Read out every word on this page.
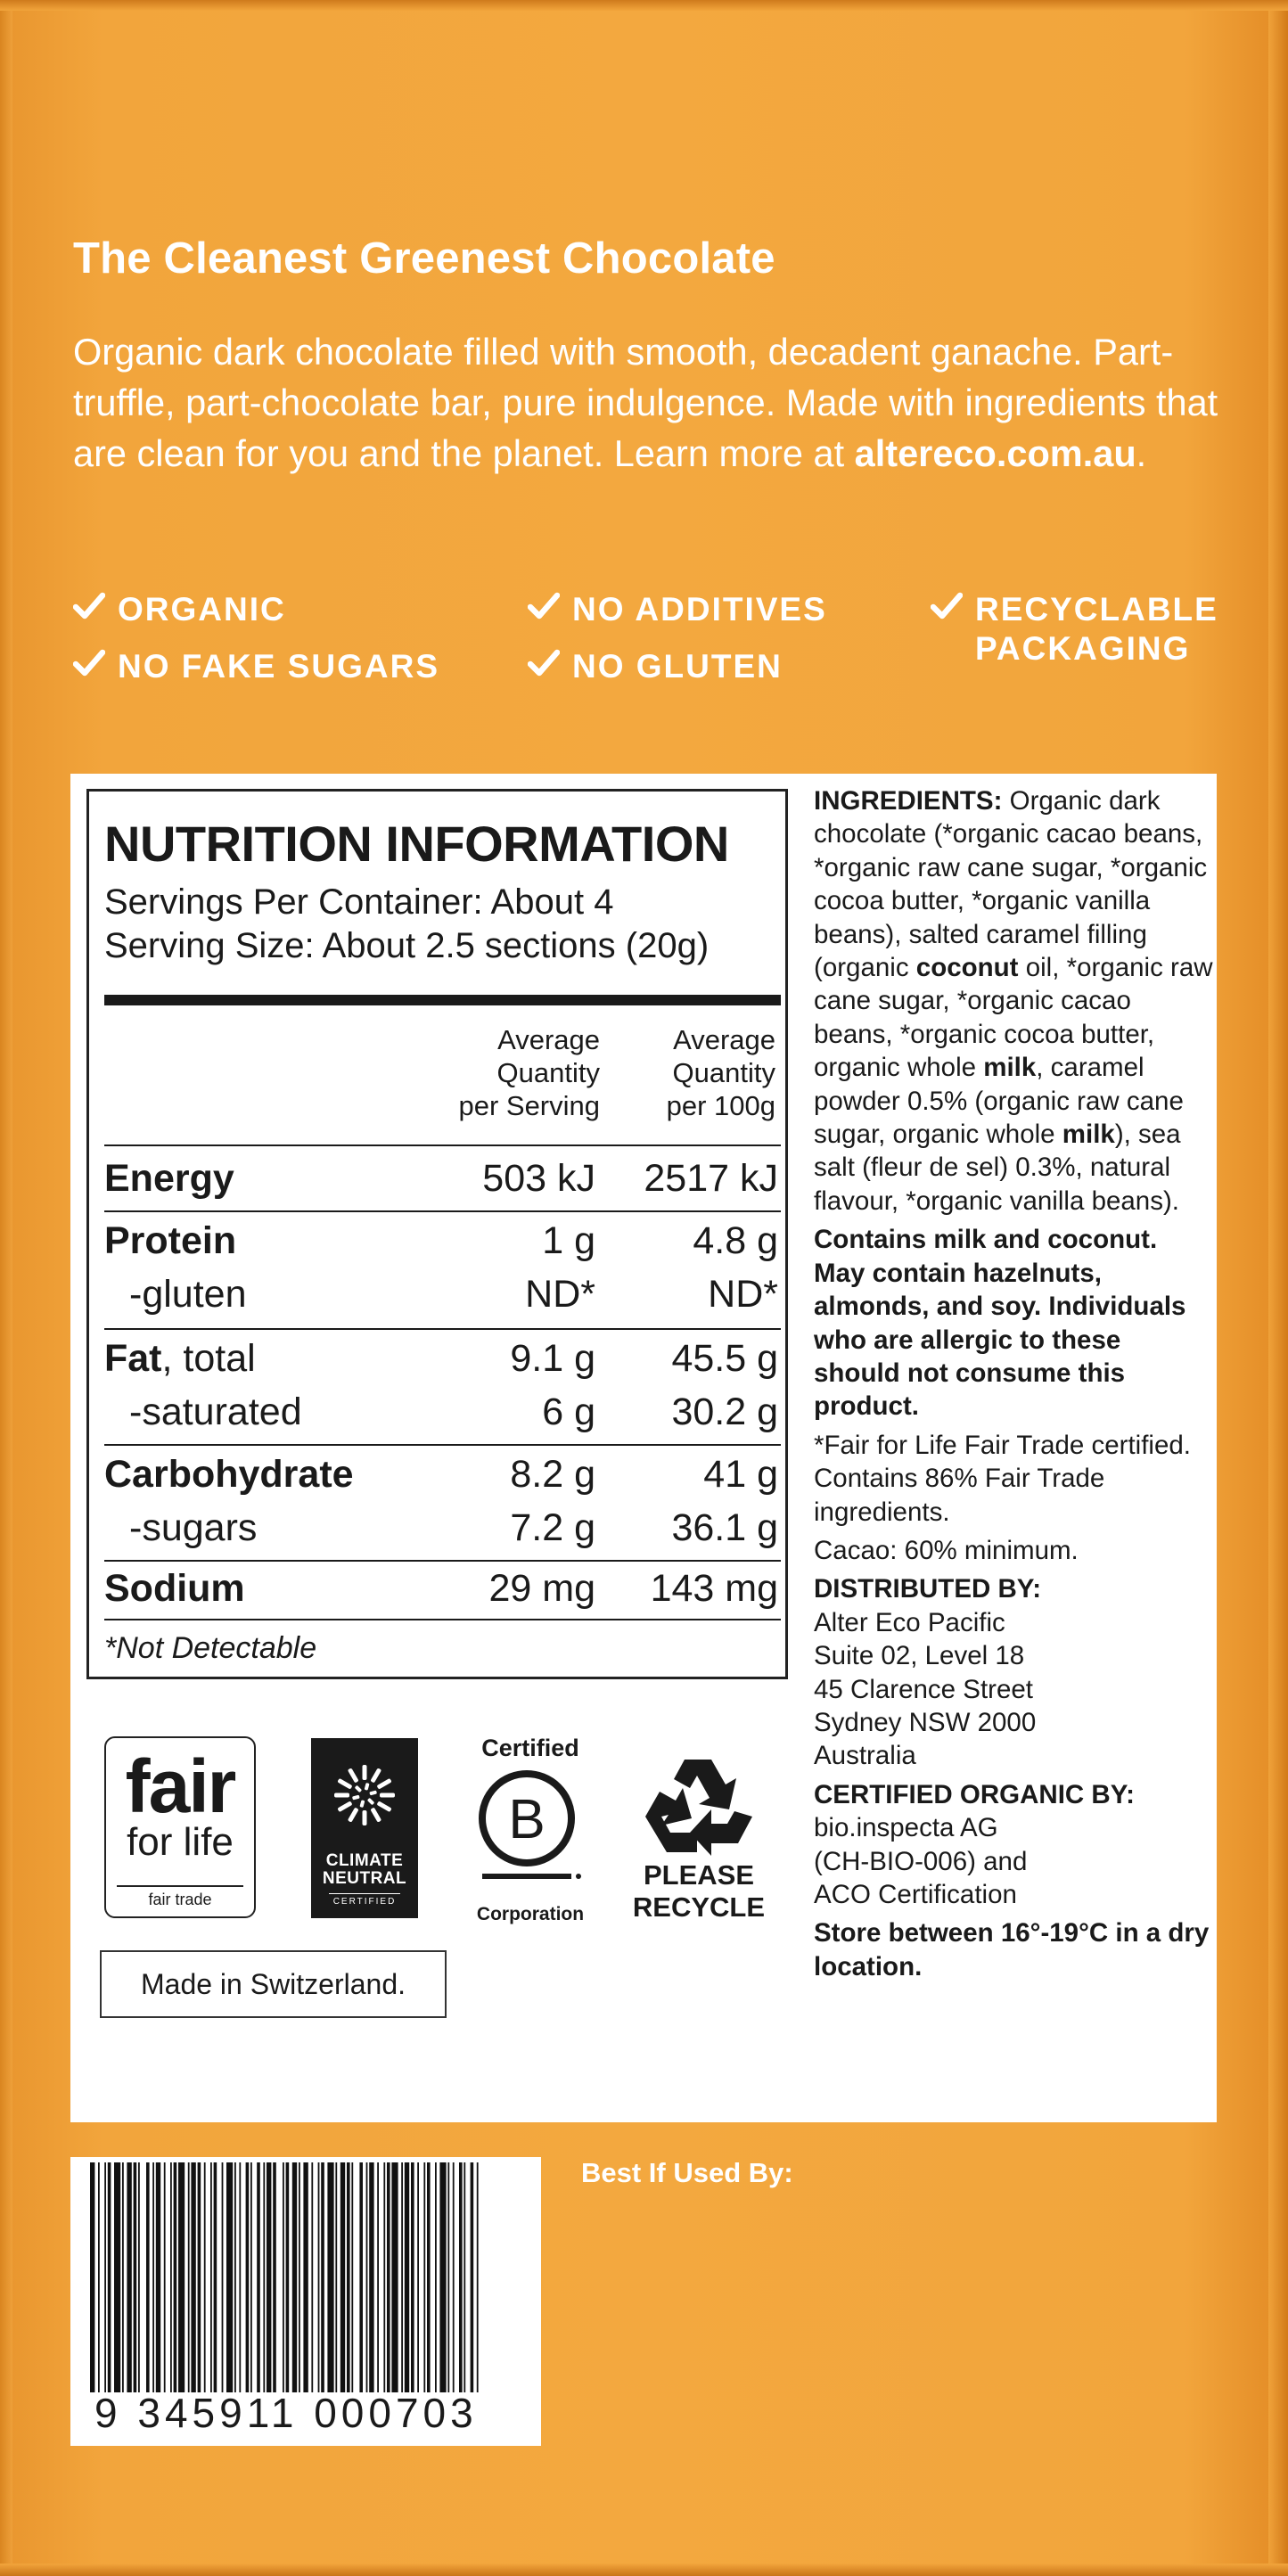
The Cleanest Greenest Chocolate
Organic dark chocolate filled with smooth, decadent ganache. Part-truffle, part-chocolate bar, pure indulgence. Made with ingredients that are clean for you and the planet. Learn more at altereco.com.au.
ORGANIC
NO FAKE SUGARS
NO ADDITIVES
NO GLUTEN
RECYCLABLE
PACKAGING
NUTRITION INFORMATION
Servings Per Container: About 4
Serving Size: About 2.5 sections (20g)
Average
Quantity
per Serving
Average
Quantity
per 100g
Energy	503 kJ 2517 kJ
Protein	1 g	4.8 g
-gluten	ND*	ND*
Fat, total	9.1 g 45.5 g
-saturated	6 g 30.2 g
Carbohydrate	8.2 g	41 g
-sugars	7.2 g 36.1 g
Sodium	29 mg 143 mg
*Not Detectable

INGREDIENTS: Organic dark chocolate (*organic cacao beans, *organic raw cane sugar, *organic cocoa butter, *organic vanilla beans), salted caramel filling (organic coconut oil, *organic raw cane sugar, *organic cacao beans, *organic cocoa butter, organic whole milk, caramel powder 0.5% (organic raw cane sugar, organic whole milk), sea salt (fleur de sel) 0.3%, natural flavour, *organic vanilla beans).

Contains milk and coconut. May contain hazelnuts, almonds, and soy. Individuals who are allergic to these should not consume this product.

*Fair for Life Fair Trade certified. Contains 86% Fair Trade ingredients.

Cacao: 60% minimum.

DISTRIBUTED BY:
Alter Eco Pacific
Suite 02, Level 18
45 Clarence Street
Sydney NSW 2000
Australia

CERTIFIED ORGANIC BY:
bio.inspecta AG
(CH-BIO-006) and
ACO Certification

Store between 16°-19°C in a dry location.

fair
for life
fair trade
CLIMATE
NEUTRAL
CERTIFIED
Certified
B
Corporation
PLEASE
RECYCLE
Made in Switzerland.
9 345911 000703
Best If Used By:
